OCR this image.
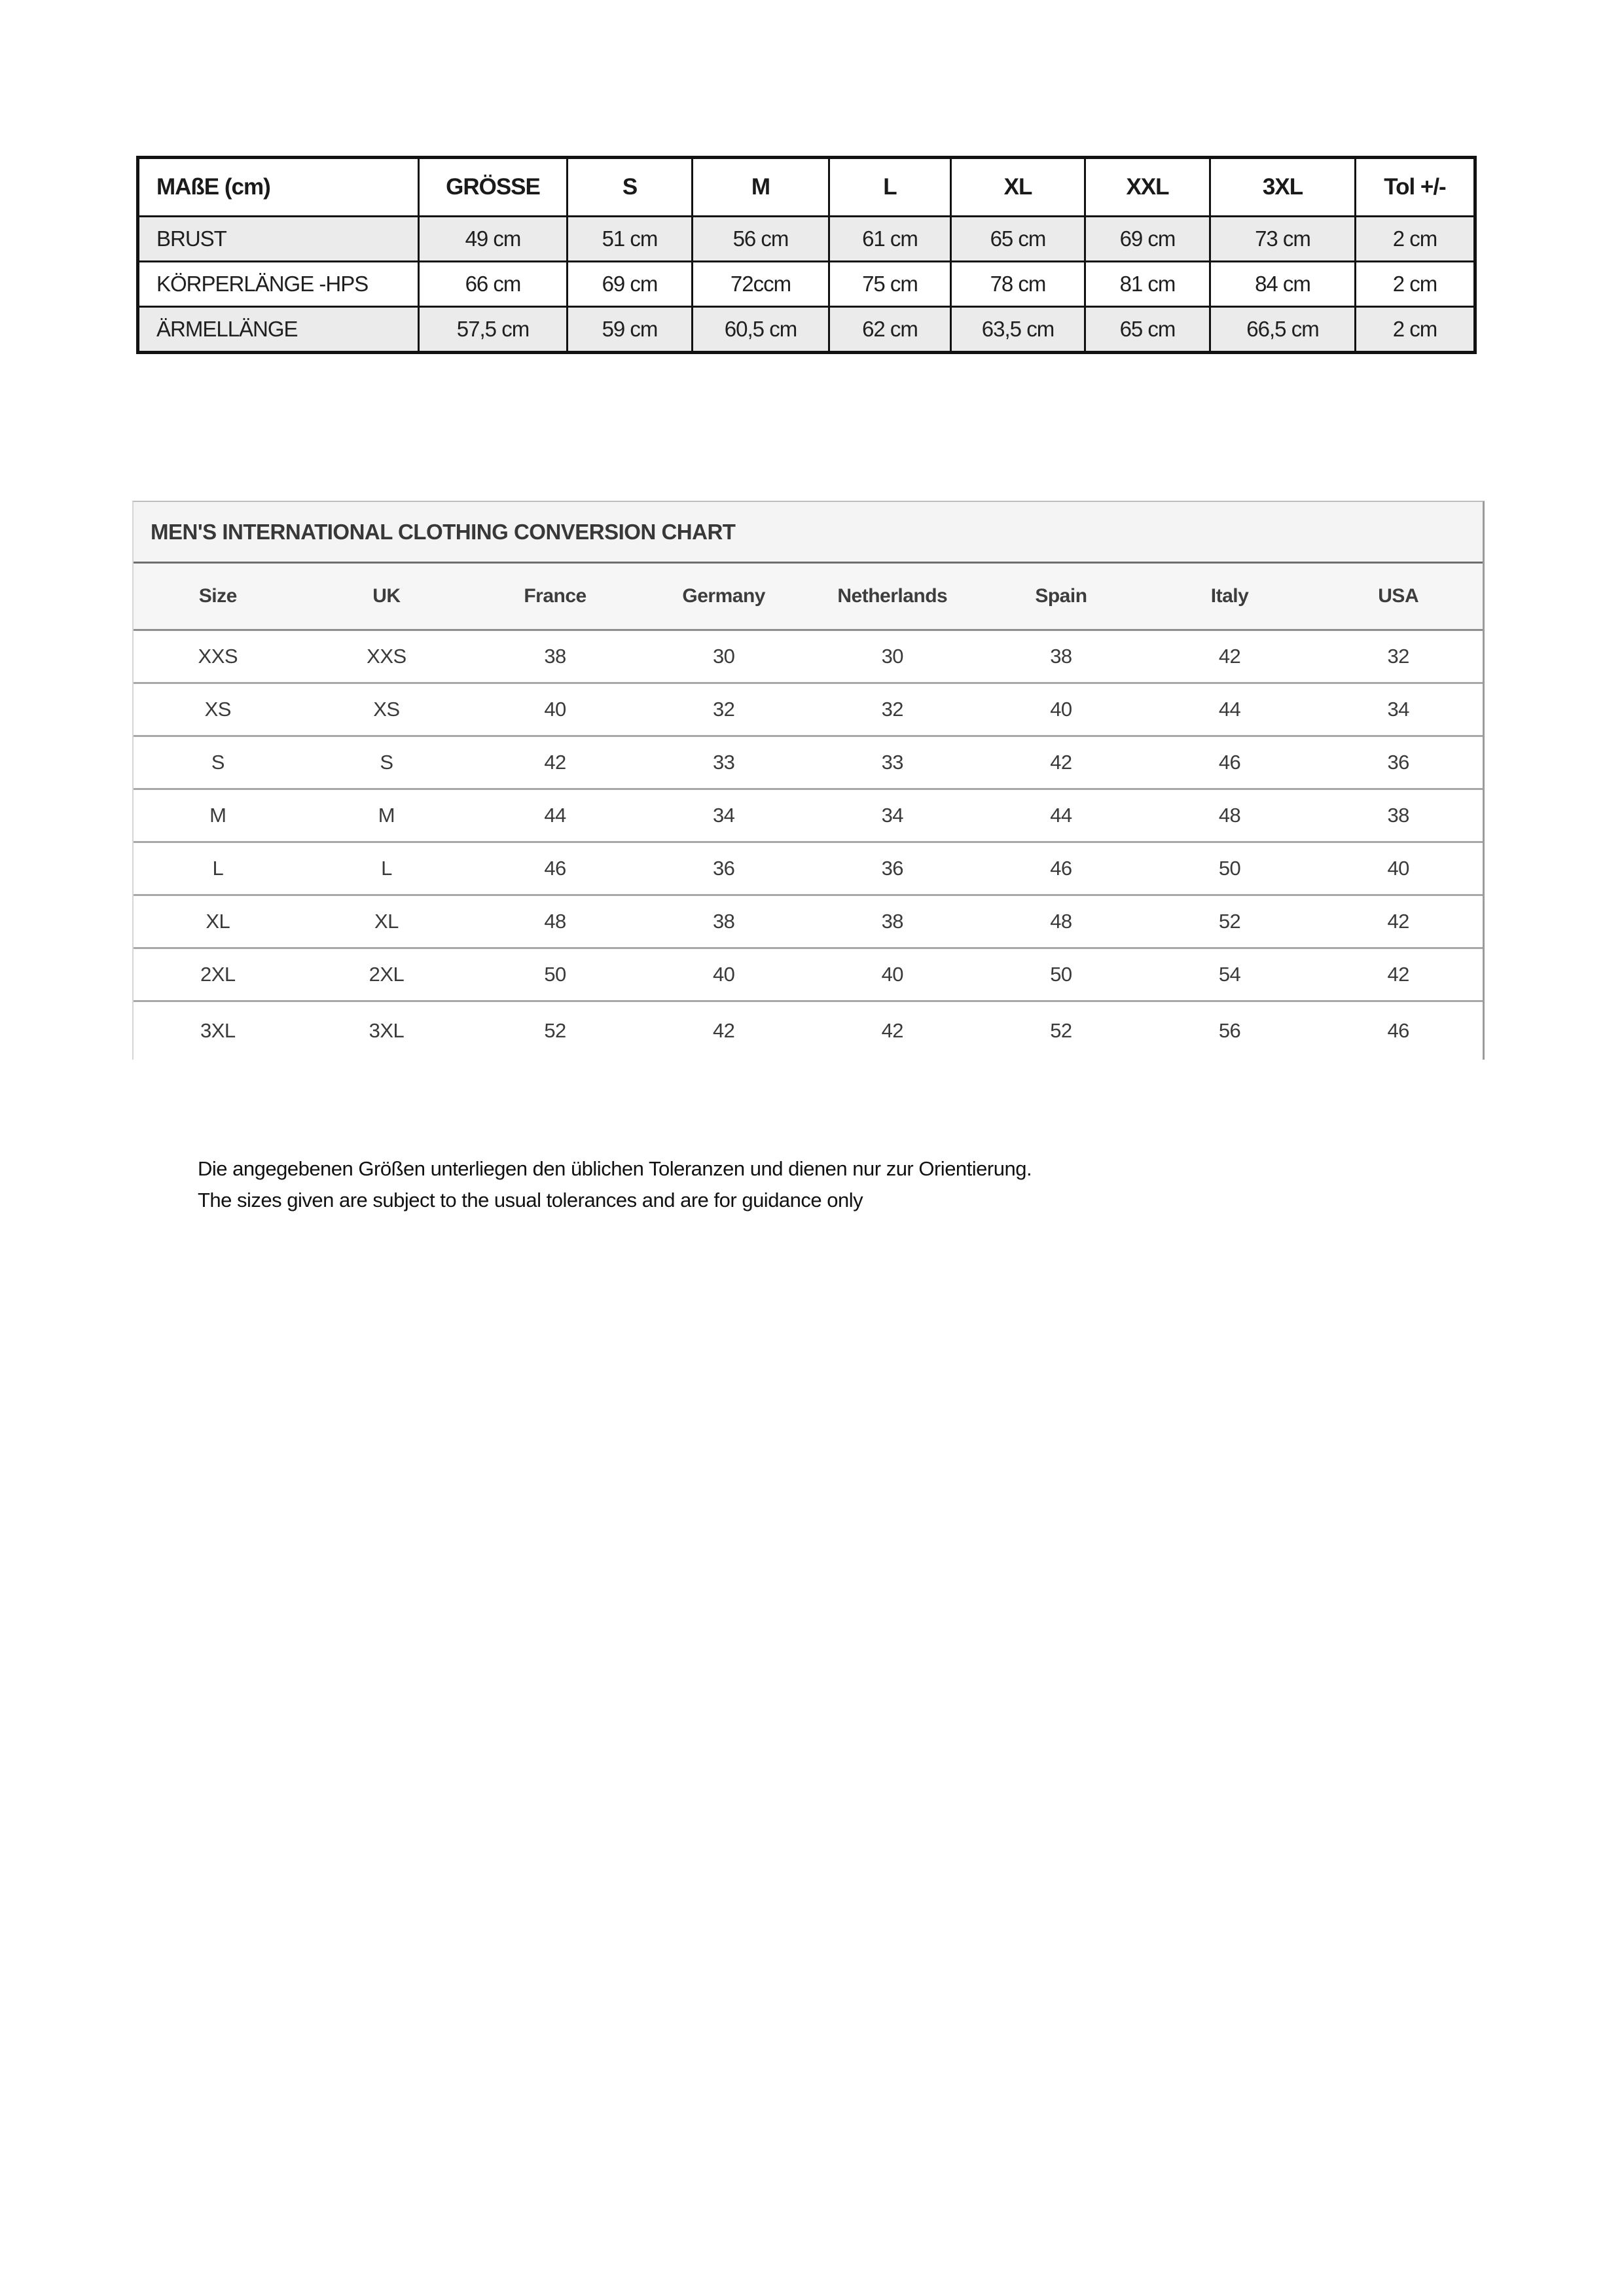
MAßE (cm)	GRÖSSE	S	M	L	XL	XXL	3XL	Tol +/-
BRUST	49 cm	51 cm	56 cm	61 cm	65 cm	69 cm	73 cm	2 cm
KÖRPERLÄNGE -HPS	66 cm	69 cm	72ccm	75 cm	78 cm	81 cm	84 cm	2 cm
ÄRMELLÄNGE	57,5 cm	59 cm	60,5 cm	62 cm	63,5 cm	65 cm	66,5 cm	2 cm
MEN'S INTERNATIONAL CLOTHING CONVERSION CHART
Size	UK	France	Germany	Netherlands	Spain	Italy	USA
XXS	XXS	38	30	30	38	42	32
XS	XS	40	32	32	40	44	34
S	S	42	33	33	42	46	36
M	M	44	34	34	44	48	38
L	L	46	36	36	46	50	40
XL	XL	48	38	38	48	52	42
2XL	2XL	50	40	40	50	54	42
3XL	3XL	52	42	42	52	56	46
Die angegebenen Größen unterliegen den üblichen Toleranzen und dienen nur zur Orientierung.
The sizes given are subject to the usual tolerances and are for guidance only
